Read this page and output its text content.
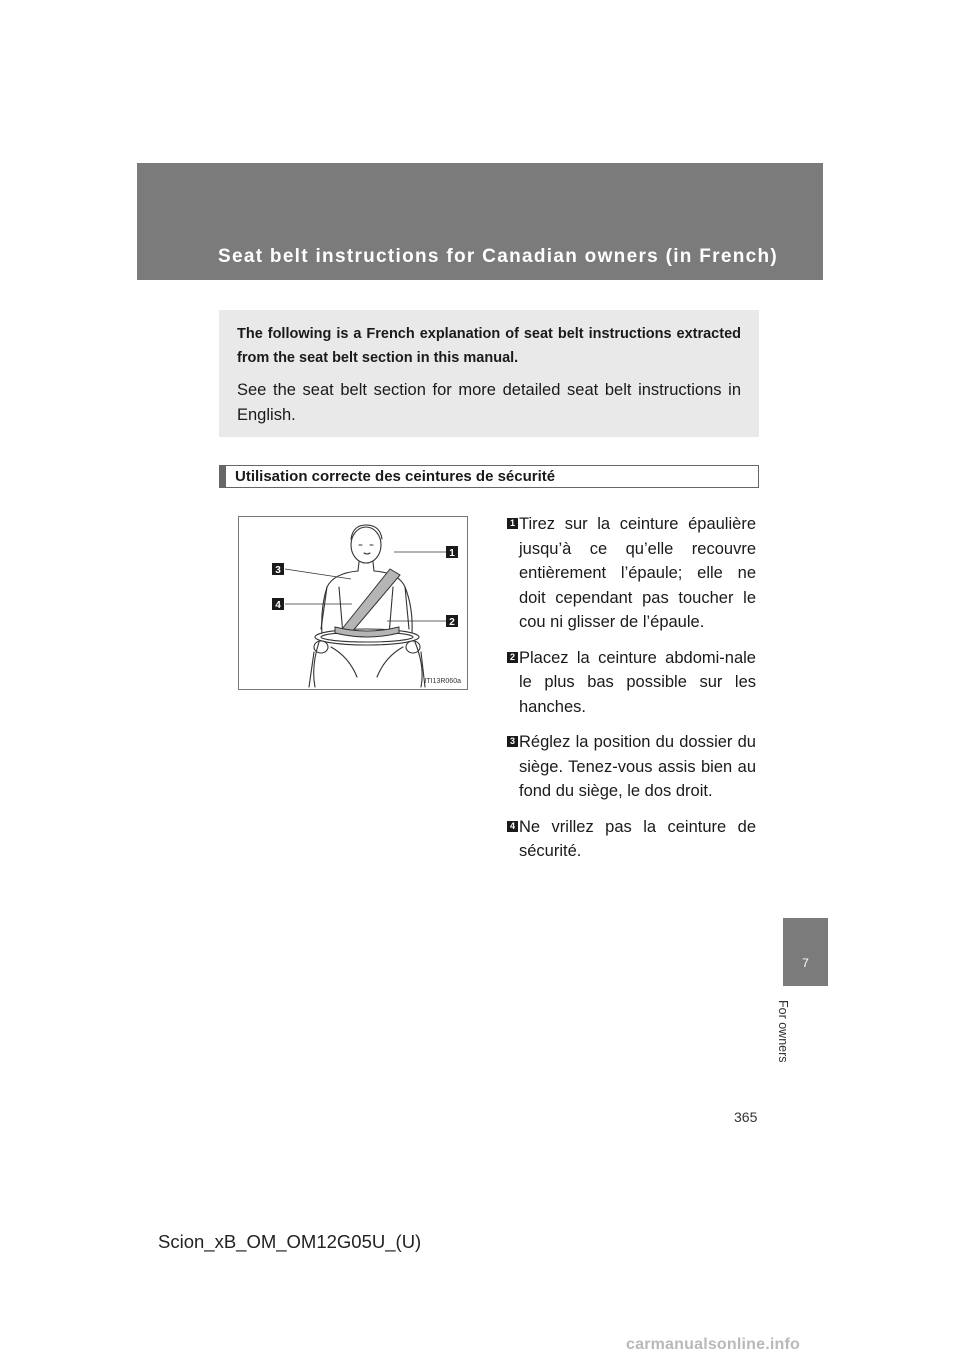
Seat belt instructions for Canadian owners (in French)

The following is a French explanation of seat belt instructions extracted from the seat belt section in this manual.

See the seat belt section for more detailed seat belt instructions in English.

Utilisation correcte des ceintures de sécurité
1
2
3
4
ITI13R060a
1 Tirez sur la ceinture épaulière jusqu’à ce qu’elle recouvre entièrement l’épaule; elle ne doit cependant pas toucher le cou ni glisser de l’épaule.
2 Placez la ceinture abdomi-nale le plus bas possible sur les hanches.
3 Réglez la position du dossier du siège. Tenez-vous assis bien au fond du siège, le dos droit.
4 Ne vrillez pas la ceinture de sécurité.
7
For owners
365
Scion_xB_OM_OM12G05U_(U)
carmanualsonline.info
